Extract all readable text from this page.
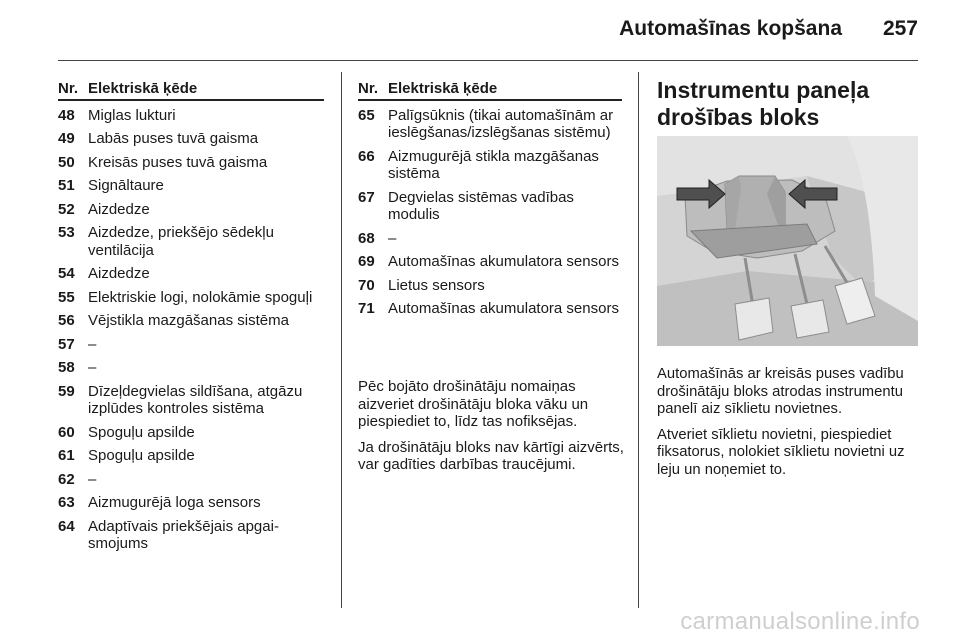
Automašīnas kopšana 257
Nr. Elektriskā ķēde
48 Miglas lukturi
49 Labās puses tuvā gaisma
50 Kreisās puses tuvā gaisma
51 Signāltaure
52 Aizdedze
53 Aizdedze, priekšējo sēdekļu ventilācija
54 Aizdedze
55 Elektriskie logi, nolokāmie spoguļi
56 Vējstikla mazgāšanas sistēma
57 –
58 –
59 Dīzeļdegvielas sildīšana, atgāzu izplūdes kontroles sistēma
60 Spoguļu apsilde
61 Spoguļu apsilde
62 –
63 Aizmugurējā loga sensors
64 Adaptīvais priekšējais apgai-smojums
Nr. Elektriskā ķēde
65 Palīgsūknis (tikai automašīnām ar ieslēgšanas/izslēgšanas sistēmu)
66 Aizmugurējā stikla mazgāšanas sistēma
67 Degvielas sistēmas vadības modulis
68 –
69 Automašīnas akumulatora sensors
70 Lietus sensors
71 Automašīnas akumulatora sensors

Pēc bojāto drošinātāju nomaiņas aizveriet drošinātāju bloka vāku un piespiediet to, līdz tas nofiksējas.

Ja drošinātāju bloks nav kārtīgi aizvērts, var gadīties darbības traucējumi.

Instrumentu paneļa drošības bloks

Automašīnās ar kreisās puses vadību drošinātāju bloks atrodas instrumentu panelī aiz sīklietu novietnes.

Atveriet sīklietu novietni, piespiediet fiksatorus, nolokiet sīklietu novietni uz leju un noņemiet to.

carmanualsonline.info
